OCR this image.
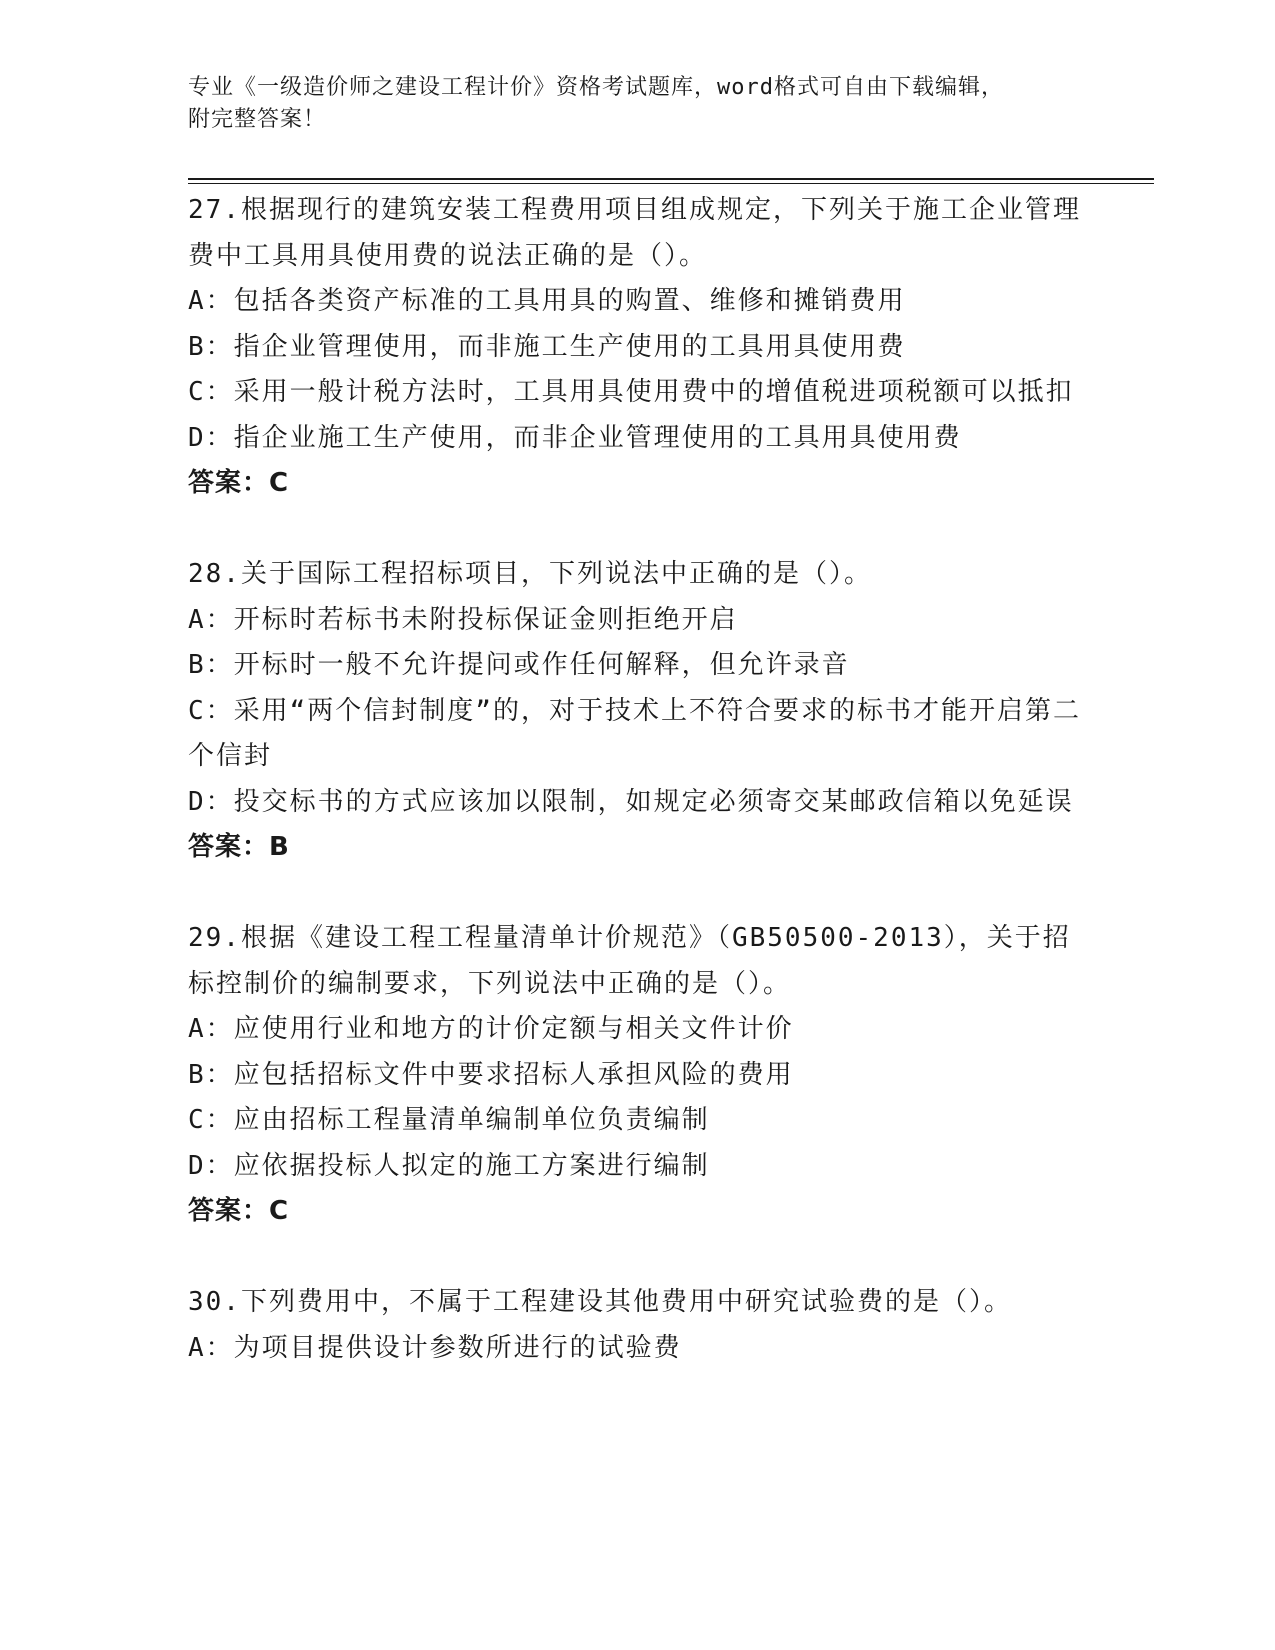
专业《一级造价师之建设工程计价》资格考试题库，word格式可自由下载编辑，
附完整答案！
27.根据现行的建筑安装工程费用项目组成规定，下列关于施工企业管理费中工具用具使用费的说法正确的是（）。
A：包括各类资产标准的工具用具的购置、维修和摊销费用
B：指企业管理使用，而非施工生产使用的工具用具使用费
C：采用一般计税方法时，工具用具使用费中的增值税进项税额可以抵扣
D：指企业施工生产使用，而非企业管理使用的工具用具使用费
答案：C
28.关于国际工程招标项目，下列说法中正确的是（）。
A：开标时若标书未附投标保证金则拒绝开启
B：开标时一般不允许提问或作任何解释，但允许录音
C：采用“两个信封制度”的，对于技术上不符合要求的标书才能开启第二个信封
D：投交标书的方式应该加以限制，如规定必须寄交某邮政信箱以免延误
答案：B
29.根据《建设工程工程量清单计价规范》（GB50500-2013），关于招标控制价的编制要求，下列说法中正确的是（）。
A：应使用行业和地方的计价定额与相关文件计价
B：应包括招标文件中要求招标人承担风险的费用
C：应由招标工程量清单编制单位负责编制
D：应依据投标人拟定的施工方案进行编制
答案：C
30.下列费用中，不属于工程建设其他费用中研究试验费的是（）。
A：为项目提供设计参数所进行的试验费
